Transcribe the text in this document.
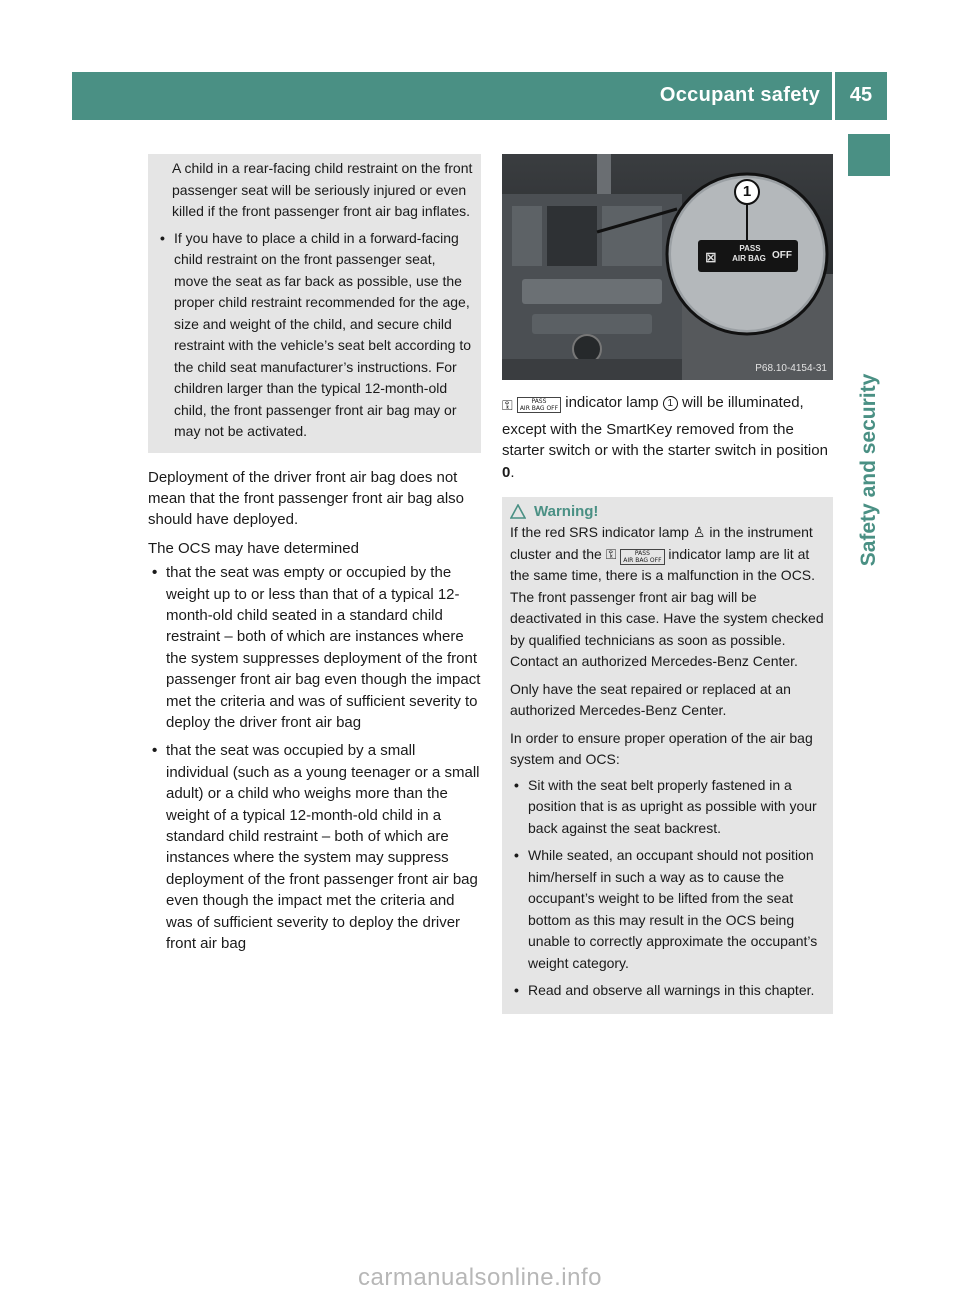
Occupant safety	45
Safety and security

A child in a rear-facing child restraint on the front passenger seat will be seriously injured or even killed if the front passenger front air bag inflates.

• If you have to place a child in a forward-facing child restraint on the front passenger seat, move the seat as far back as possible, use the proper child restraint recommended for the age, size and weight of the child, and secure child restraint with the vehicle’s seat belt according to the child seat manufacturer’s instructions. For children larger than the typical 12-month-old child, the front passenger front air bag may or may not be activated.

Deployment of the driver front air bag does not mean that the front passenger front air bag also should have deployed.

The OCS may have determined

• that the seat was empty or occupied by the weight up to or less than that of a typical 12-month-old child seated in a standard child restraint – both of which are instances where the system suppresses deployment of the front passenger front air bag even though the impact met the criteria and was of sufficient severity to deploy the driver front air bag

• that the seat was occupied by a small individual (such as a young teenager or a small adult) or a child who weighs more than the weight of a typical 12-month-old child in a standard child restraint – both of which are instances where the system may suppress deployment of the front passenger front air bag even though the impact met the criteria and was of sufficient severity to deploy the driver front air bag

1
⊠
PASS
AIR BAG OFF
P68.10-4154-31

⚿	PASS
AIR BAG OFF indicator lamp 1 will be illuminated, except with the SmartKey removed from the starter switch or with the starter switch in position 0.

Warning!

If the red SRS indicator lamp ♙ in the instrument cluster and the ⚿	PASS
AIR BAG OFF indicator lamp are lit at the same time, there is a malfunction in the OCS. The front passenger front air bag will be deactivated in this case. Have the system checked by qualified technicians as soon as possible. Contact an authorized Mercedes-Benz Center.

Only have the seat repaired or replaced at an authorized Mercedes-Benz Center.

In order to ensure proper operation of the air bag system and OCS:

• Sit with the seat belt properly fastened in a position that is as upright as possible with your back against the seat backrest.

• While seated, an occupant should not position him/herself in such a way as to cause the occupant’s weight to be lifted from the seat bottom as this may result in the OCS being unable to correctly approximate the occupant’s weight category.

• Read and observe all warnings in this chapter.

carmanualsonline.info
